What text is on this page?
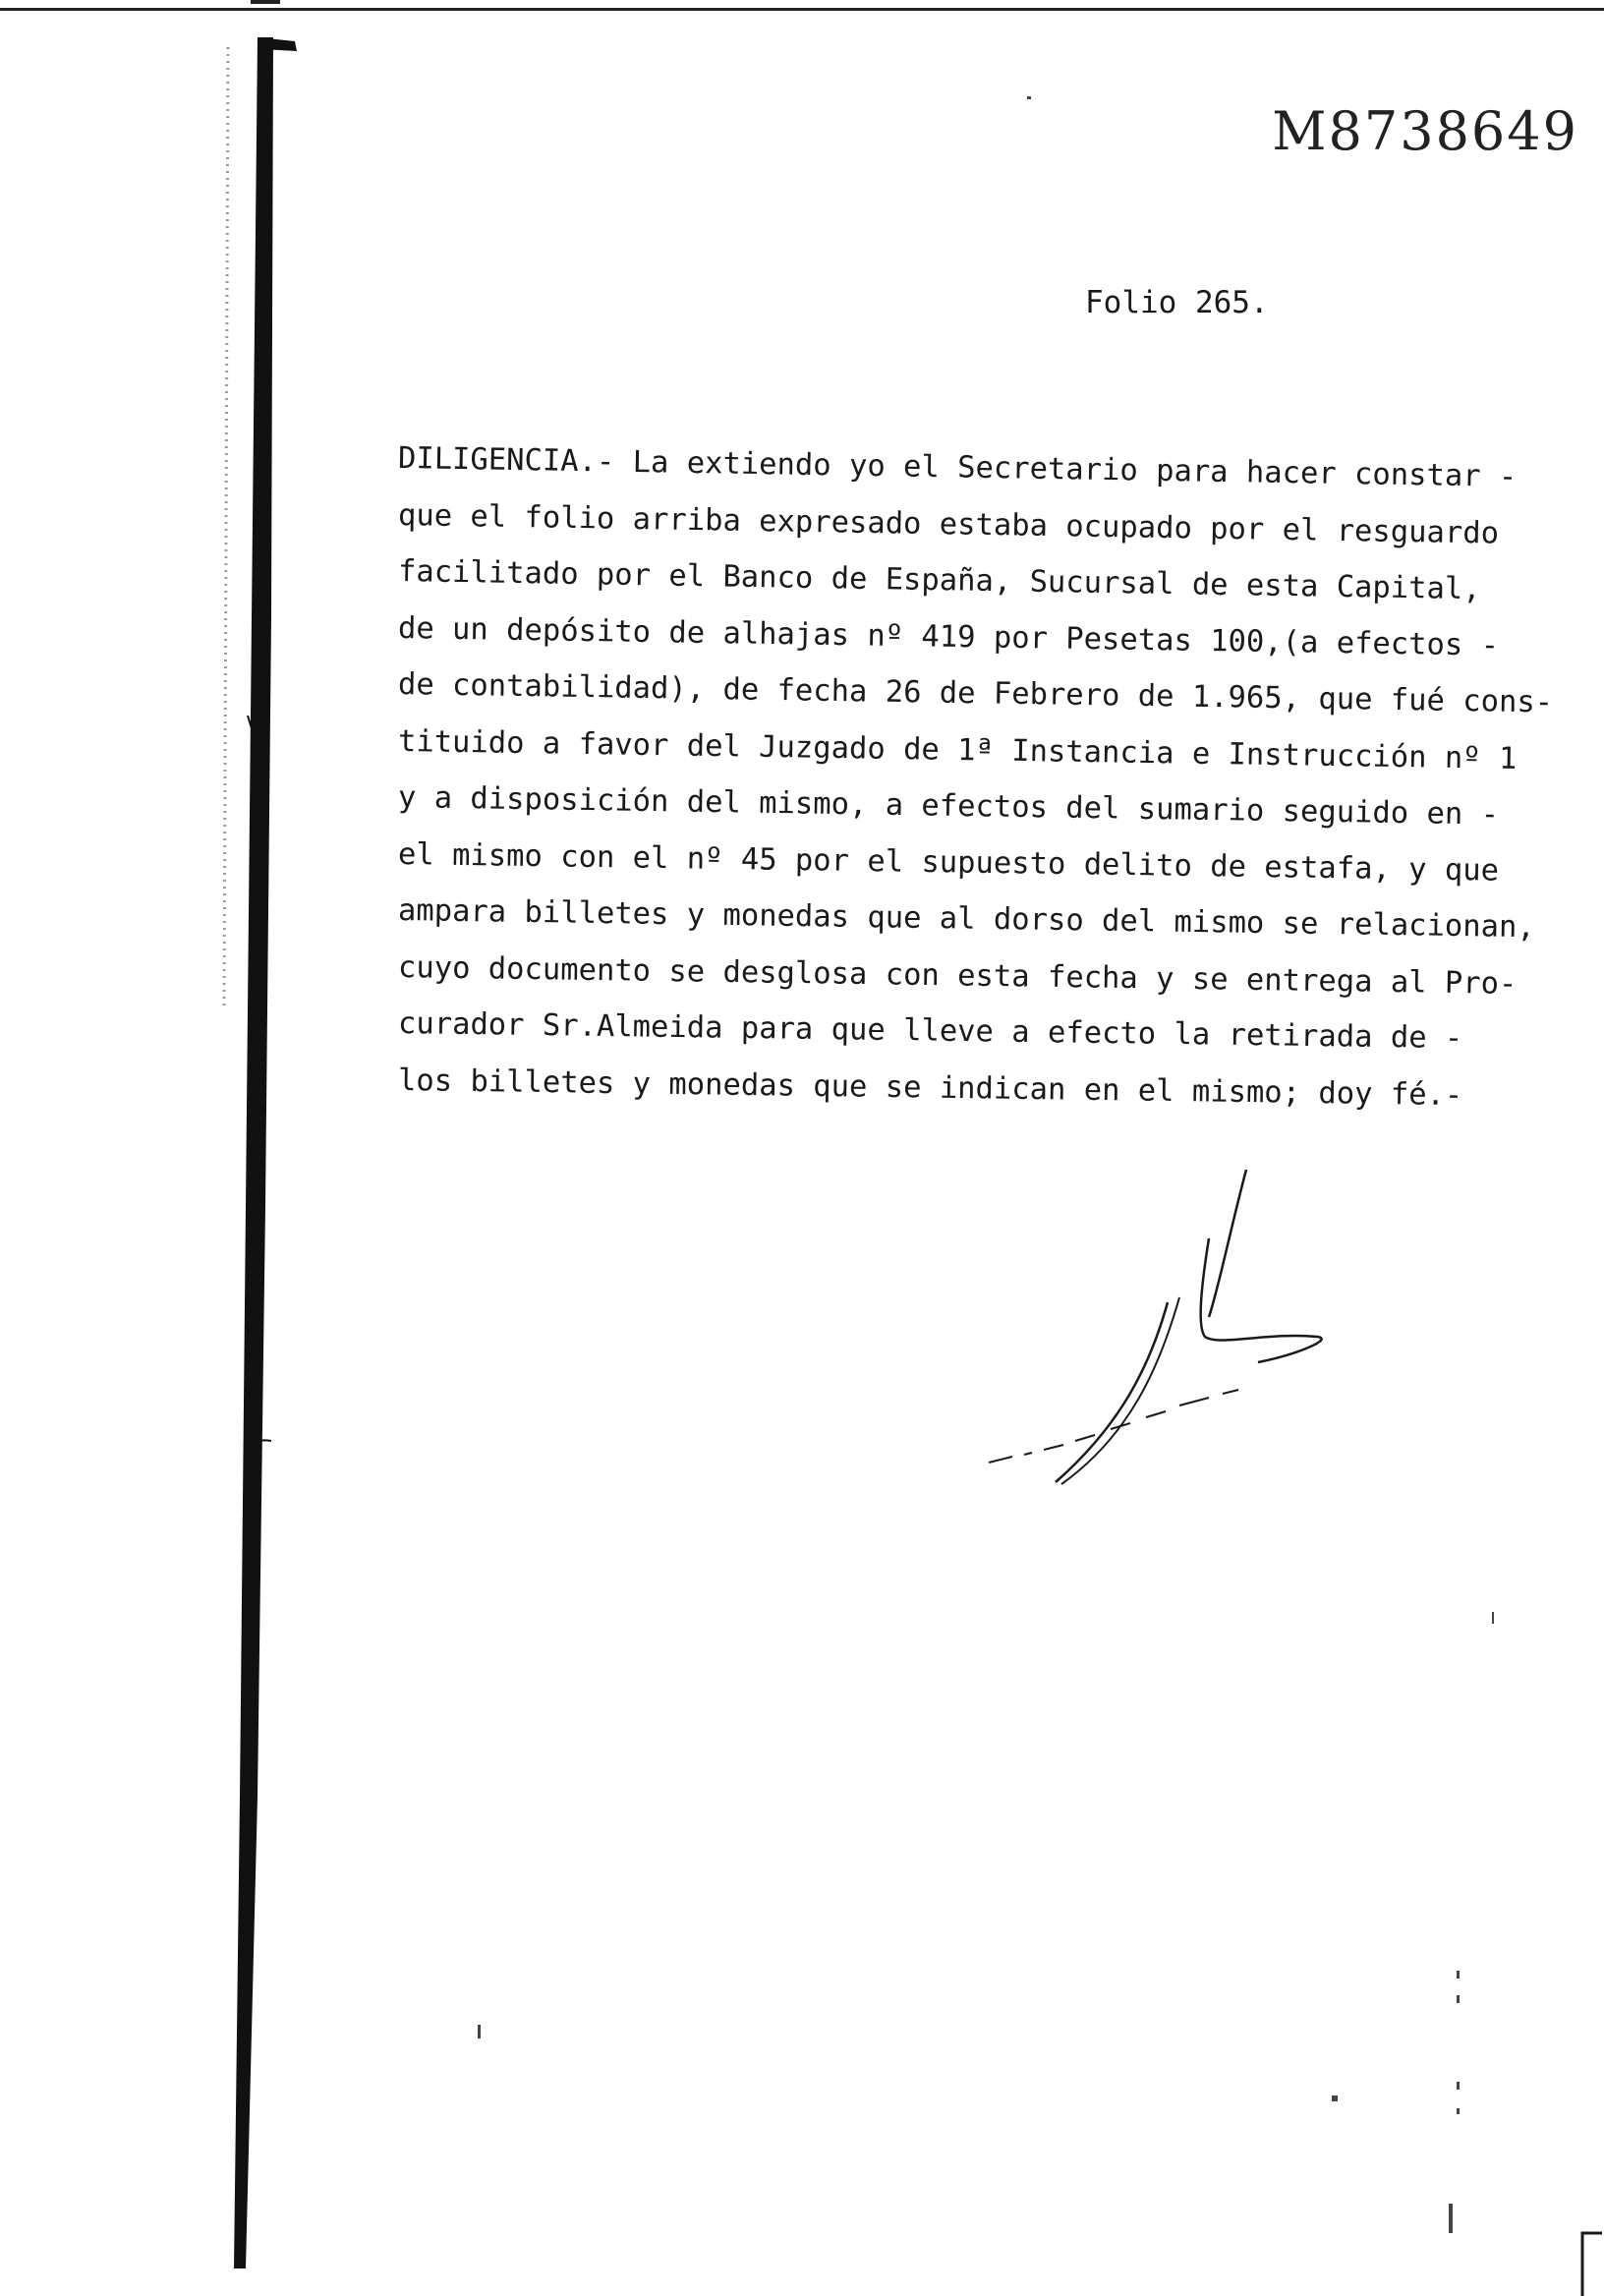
M8738649
Folio 265.
DILIGENCIA.- La extiendo yo el Secretario para hacer constar -
que el folio arriba expresado estaba ocupado por el resguardo
facilitado por el Banco de España, Sucursal de esta Capital,
de un depósito de alhajas nº 419 por Pesetas 100,(a efectos -
de contabilidad), de fecha 26 de Febrero de 1.965, que fué cons-
tituido a favor del Juzgado de 1ª Instancia e Instrucción nº 1
y a disposición del mismo, a efectos del sumario seguido en -
el mismo con el nº 45 por el supuesto delito de estafa, y que
ampara billetes y monedas que al dorso del mismo se relacionan,
cuyo documento se desglosa con esta fecha y se entrega al Pro-
curador Sr.Almeida para que lleve a efecto la retirada de -
los billetes y monedas que se indican en el mismo; doy fé.-
